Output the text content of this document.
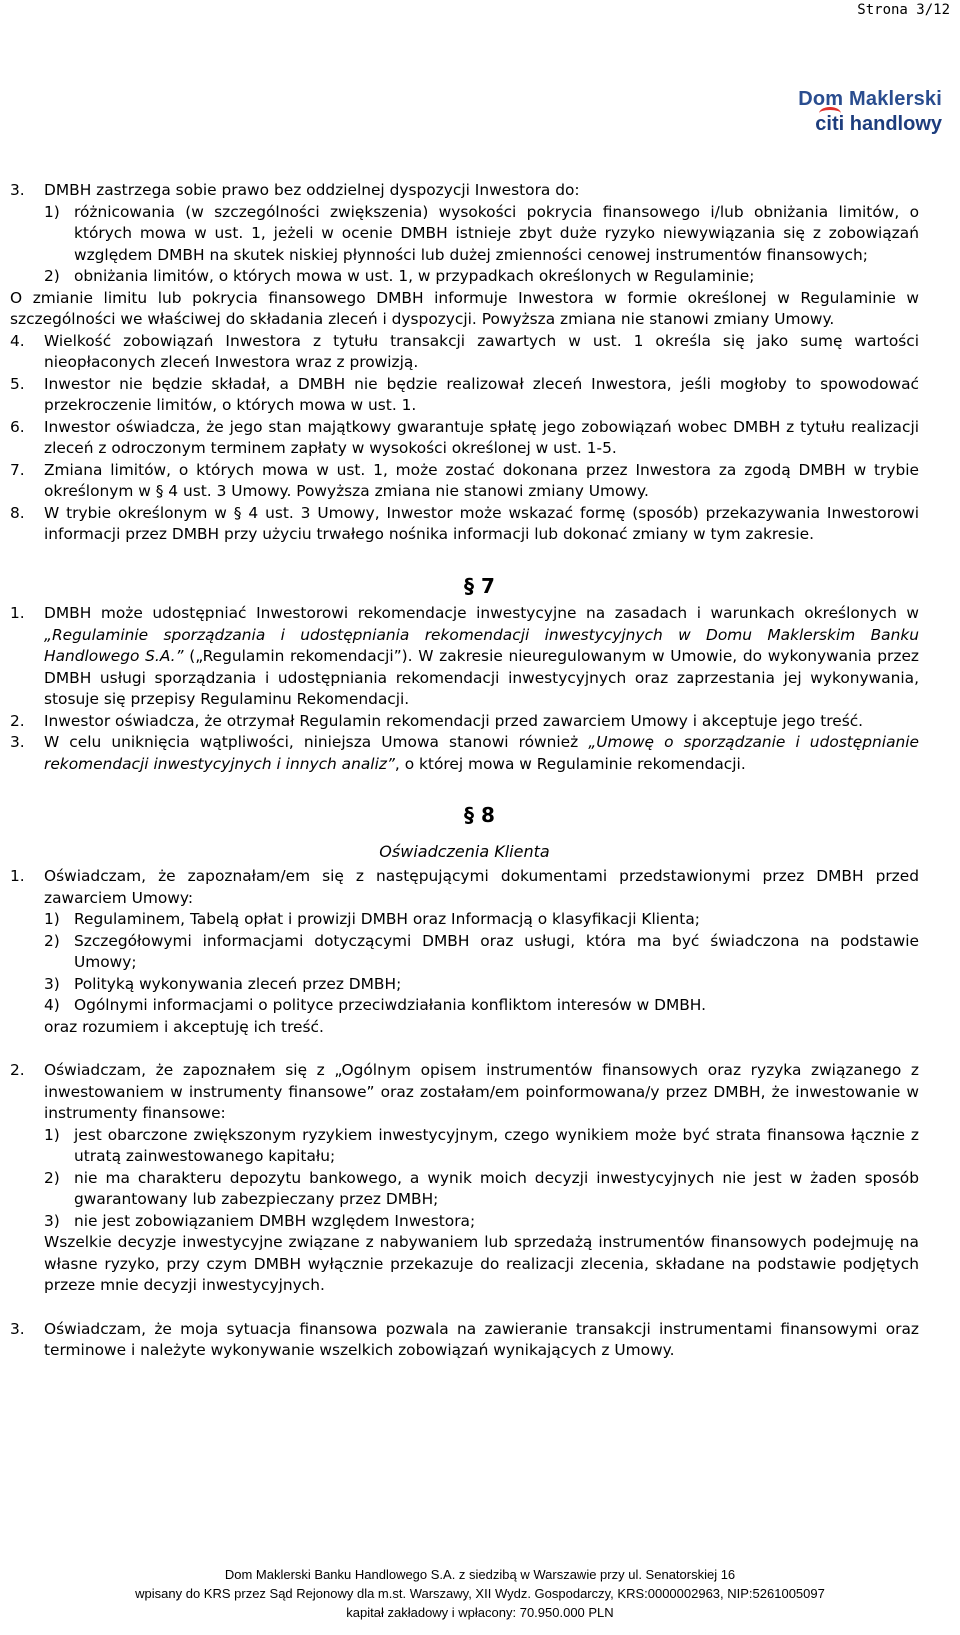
Strona 3/12
Dom Maklerski
citi handlowy
3.	DMBH zastrzega sobie prawo bez oddzielnej dyspozycji Inwestora do:
1) różnicowania (w szczególności zwiększenia) wysokości pokrycia finansowego i/lub obniżania limitów, o których mowa w ust. 1, jeżeli w ocenie DMBH istnieje zbyt duże ryzyko niewywiązania się z zobowiązań względem DMBH na skutek niskiej płynności lub dużej zmienności cenowej instrumentów finansowych;
2) obniżania limitów, o których mowa w ust. 1, w przypadkach określonych w Regulaminie;
O zmianie limitu lub pokrycia finansowego DMBH informuje Inwestora w formie określonej w Regulaminie w szczególności we właściwej do składania zleceń i dyspozycji. Powyższa zmiana nie stanowi zmiany Umowy.
4.	Wielkość zobowiązań Inwestora z tytułu transakcji zawartych w ust. 1 określa się jako sumę wartości nieopłaconych zleceń Inwestora wraz z prowizją.
5.	Inwestor nie będzie składał, a DMBH nie będzie realizował zleceń Inwestora, jeśli mogłoby to spowodować przekroczenie limitów, o których mowa w ust. 1.
6.	Inwestor oświadcza, że jego stan majątkowy gwarantuje spłatę jego zobowiązań wobec DMBH z tytułu realizacji zleceń z odroczonym terminem zapłaty w wysokości określonej w ust. 1-5.
7.	Zmiana limitów, o których mowa w ust. 1, może zostać dokonana przez Inwestora za zgodą DMBH w trybie określonym w § 4 ust. 3 Umowy. Powyższa zmiana nie stanowi zmiany Umowy.
8.	W trybie określonym w § 4 ust. 3 Umowy, Inwestor może wskazać formę (sposób) przekazywania Inwestorowi informacji przez DMBH przy użyciu trwałego nośnika informacji lub dokonać zmiany w tym zakresie.
§ 7
1.	DMBH może udostępniać Inwestorowi rekomendacje inwestycyjne na zasadach i warunkach określonych w „Regulaminie sporządzania i udostępniania rekomendacji inwestycyjnych w Domu Maklerskim Banku Handlowego S.A.” („Regulamin rekomendacji”). W zakresie nieuregulowanym w Umowie, do wykonywania przez DMBH usługi sporządzania i udostępniania rekomendacji inwestycyjnych oraz zaprzestania jej wykonywania, stosuje się przepisy Regulaminu Rekomendacji.
2.	Inwestor oświadcza, że otrzymał Regulamin rekomendacji przed zawarciem Umowy i akceptuje jego treść.
3.	W celu uniknięcia wątpliwości, niniejsza Umowa stanowi również „Umowę o sporządzanie i udostępnianie rekomendacji inwestycyjnych i innych analiz”, o której mowa w Regulaminie rekomendacji.
§ 8
Oświadczenia Klienta
1.	Oświadczam, że zapoznałam/em się z następującymi dokumentami przedstawionymi przez DMBH przed zawarciem Umowy:
1) Regulaminem, Tabelą opłat i prowizji DMBH oraz Informacją o klasyfikacji Klienta;
2) Szczegółowymi informacjami dotyczącymi DMBH oraz usługi, która ma być świadczona na podstawie Umowy;
3) Polityką wykonywania zleceń przez DMBH;
4) Ogólnymi informacjami o polityce przeciwdziałania konfliktom interesów w DMBH.
oraz rozumiem i akceptuję ich treść.
2.	Oświadczam, że zapoznałem się z „Ogólnym opisem instrumentów finansowych oraz ryzyka związanego z inwestowaniem w instrumenty finansowe” oraz zostałam/em poinformowana/y przez DMBH, że inwestowanie w instrumenty finansowe:
1) jest obarczone zwiększonym ryzykiem inwestycyjnym, czego wynikiem może być strata finansowa łącznie z utratą zainwestowanego kapitału;
2) nie ma charakteru depozytu bankowego, a wynik moich decyzji inwestycyjnych nie jest w żaden sposób gwarantowany lub zabezpieczany przez DMBH;
3) nie jest zobowiązaniem DMBH względem Inwestora;
Wszelkie decyzje inwestycyjne związane z nabywaniem lub sprzedażą instrumentów finansowych podejmuję na własne ryzyko, przy czym DMBH wyłącznie przekazuje do realizacji zlecenia, składane na podstawie podjętych przeze mnie decyzji inwestycyjnych.
3.	Oświadczam, że moja sytuacja finansowa pozwala na zawieranie transakcji instrumentami finansowymi oraz terminowe i należyte wykonywanie wszelkich zobowiązań wynikających z Umowy.
Dom Maklerski Banku Handlowego S.A. z siedzibą w Warszawie przy ul. Senatorskiej 16
wpisany do KRS przez Sąd Rejonowy dla m.st. Warszawy, XII Wydz. Gospodarczy, KRS:0000002963, NIP:5261005097
kapitał zakładowy i wpłacony: 70.950.000 PLN
